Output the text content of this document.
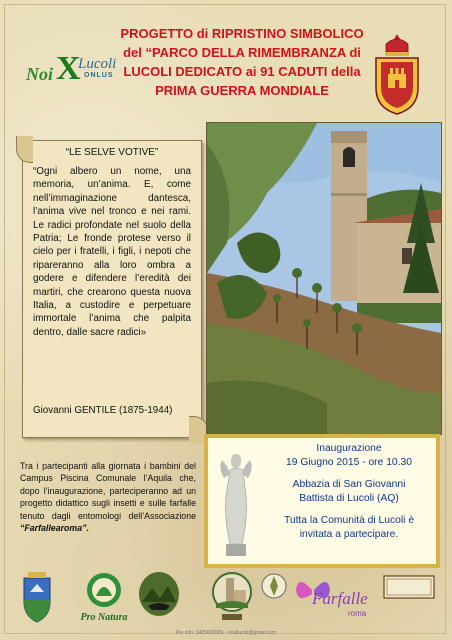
Noi X
Lucoli
ONLUS
PROGETTO di RIPRISTINO SIMBOLICO
del “PARCO DELLA RIMEMBRANZA di
LUCOLI DEDICATO ai 91 CADUTI della
PRIMA GUERRA MONDIALE
“LE SELVE VOTIVE”
“Ogni albero un nome, una memoria, un’anima. E, come nell’immaginazione dantesca, l’anima vive nel tronco e nei rami. Le radici profondate nel suolo della Patria; Le fronde protese verso il cielo per i fratelli, i figli, i nepoti che ripareranno alla loro ombra a godere e difendere l’eredità dei martiri, che crearono questa nuova Italia, a custodire e perpetuare immortale l’anima che palpita dentro, dalle sacre radici»
Giovanni GENTILE (1875-1944)
Inaugurazione
19 Giugno 2015 - ore 10.30
Abbazia di San Giovanni
Battista di Lucoli (AQ)
Tutta la Comunità di Lucoli è
invitata a partecipare.
Tra i partecipanti alla giornata i bambini del Campus Piscina Comunale l’Aquila che, dopo l’inaugurazione, parteciperanno ad un progetto didattico sugli insetti e sulle farfalle tenuto dagli entomologi dell’Associazione “Farfallearoma”.
Pro Natura
Farfalle
roma
Per info: 3485666586 - noixlucoli@gmail.com
